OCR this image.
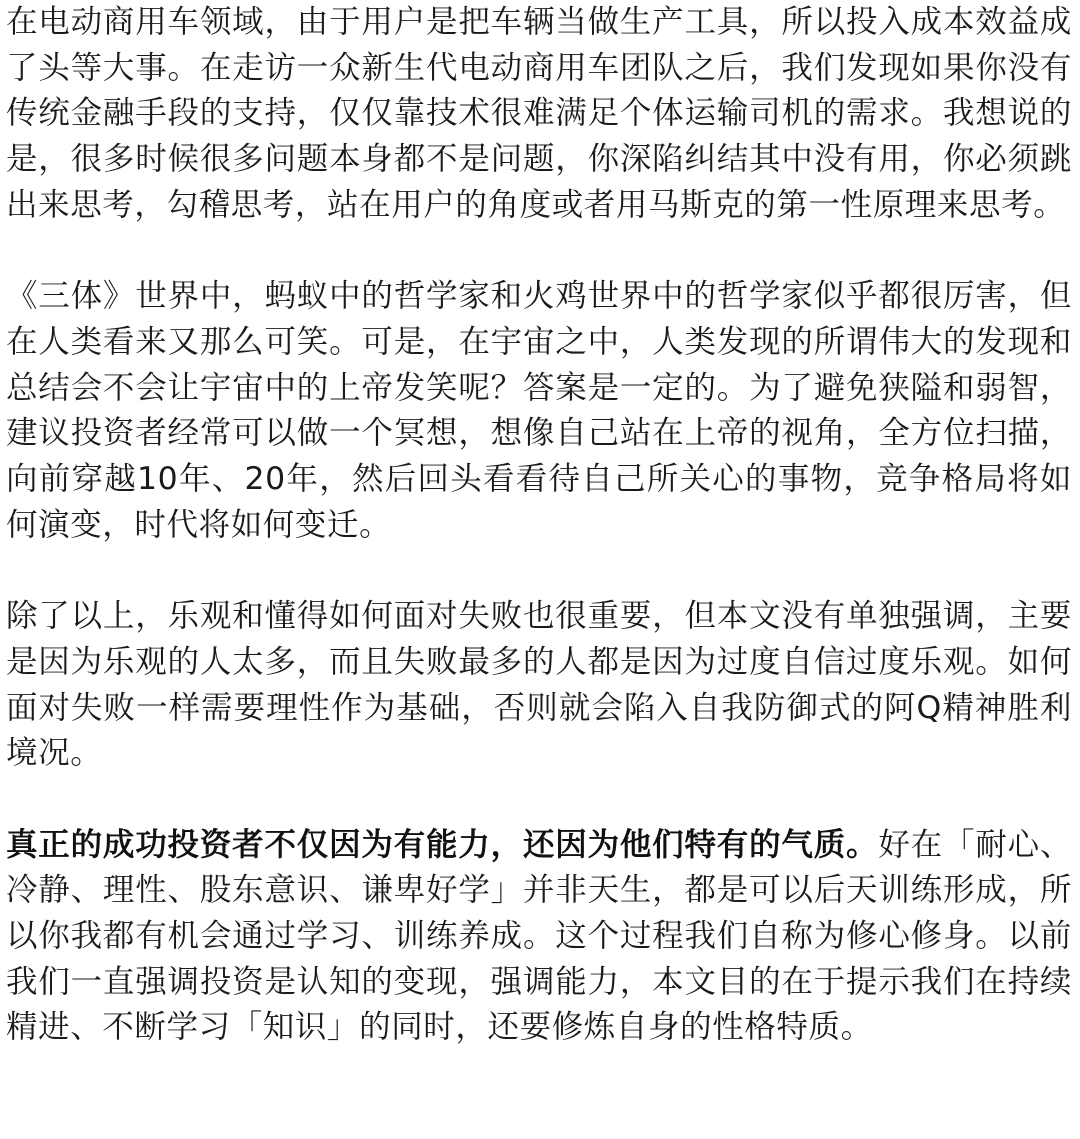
在电动商用车领域，由于用户是把车辆当做生产工具，所以投入成本效益成了头等大事。在走访一众新生代电动商用车团队之后，我们发现如果你没有传统金融手段的支持，仅仅靠技术很难满足个体运输司机的需求。我想说的是，很多时候很多问题本身都不是问题，你深陷纠结其中没有用，你必须跳出来思考，勾稽思考，站在用户的角度或者用马斯克的第一性原理来思考。

《三体》世界中，蚂蚁中的哲学家和火鸡世界中的哲学家似乎都很厉害，但在人类看来又那么可笑。可是，在宇宙之中，人类发现的所谓伟大的发现和总结会不会让宇宙中的上帝发笑呢？答案是一定的。为了避免狭隘和弱智，建议投资者经常可以做一个冥想，想像自己站在上帝的视角，全方位扫描，向前穿越10年、20年，然后回头看看待自己所关心的事物，竞争格局将如何演变，时代将如何变迁。

除了以上，乐观和懂得如何面对失败也很重要，但本文没有单独强调，主要是因为乐观的人太多，而且失败最多的人都是因为过度自信过度乐观。如何面对失败一样需要理性作为基础，否则就会陷入自我防御式的阿Q精神胜利境况。

真正的成功投资者不仅因为有能力，还因为他们特有的气质。好在「耐心、冷静、理性、股东意识、谦卑好学」并非天生，都是可以后天训练形成，所以你我都有机会通过学习、训练养成。这个过程我们自称为修心修身。以前我们一直强调投资是认知的变现，强调能力，本文目的在于提示我们在持续精进、不断学习「知识」的同时，还要修炼自身的性格特质。
